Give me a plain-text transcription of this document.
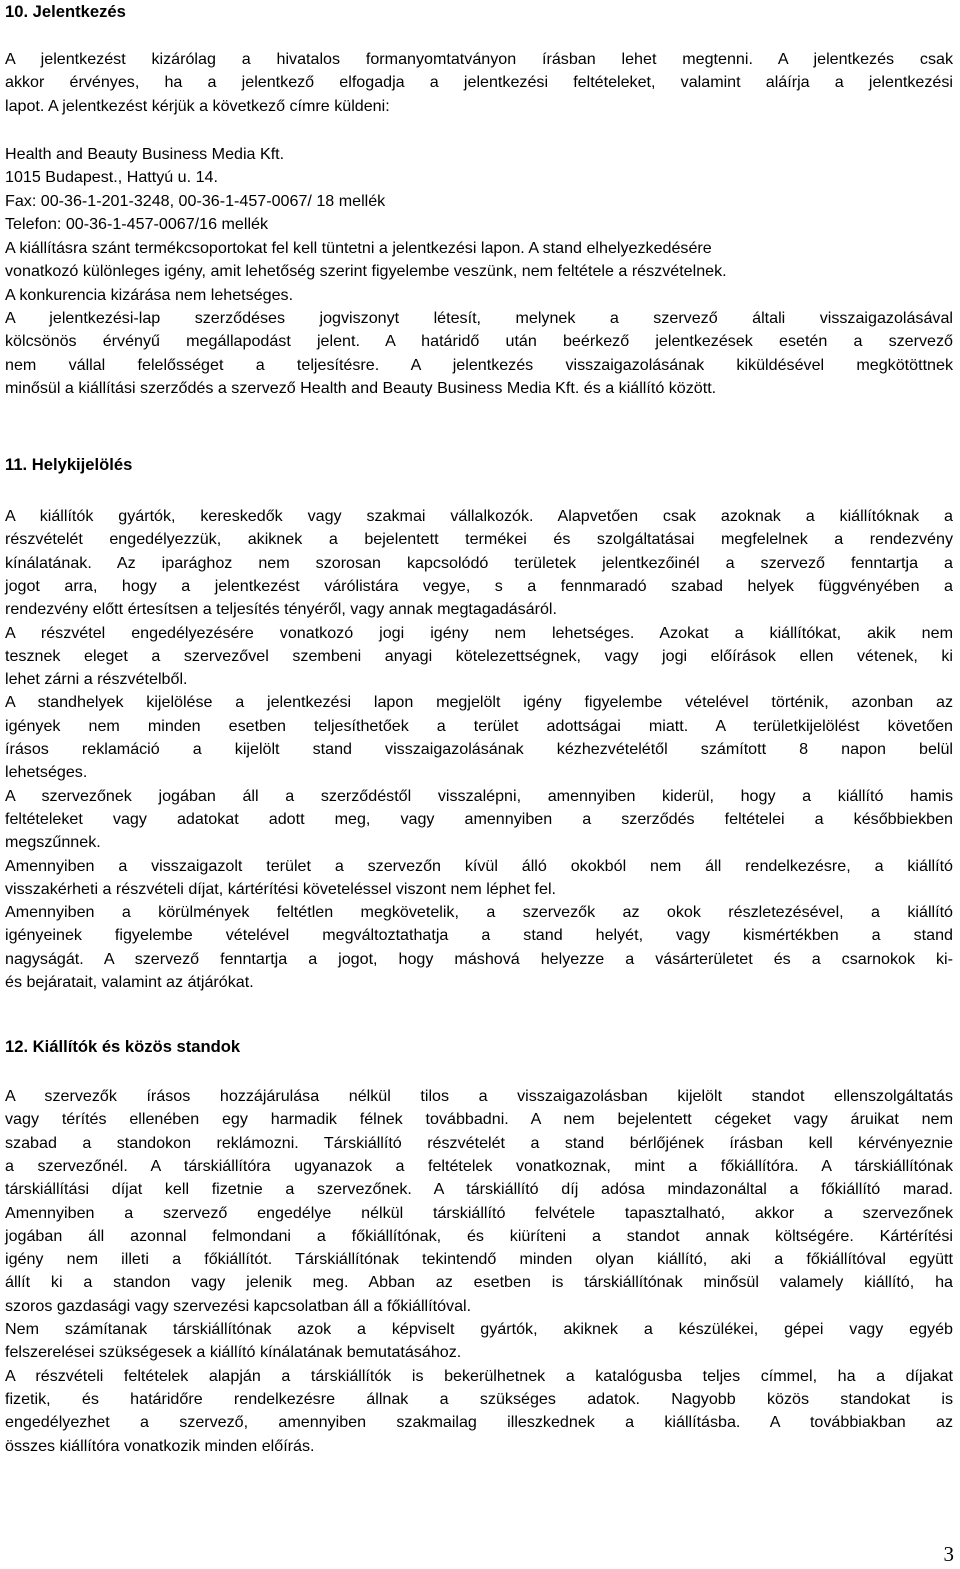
10. Jelentkezés
A jelentkezést kizárólag a hivatalos formanyomtatványon írásban lehet megtenni. A jelentkezés csak
akkor érvényes, ha a jelentkező elfogadja a jelentkezési feltételeket, valamint aláírja a jelentkezési
lapot. A jelentkezést kérjük a következő címre küldeni:
Health and Beauty Business Media Kft.
1015 Budapest., Hattyú u. 14.
Fax: 00-36-1-201-3248, 00-36-1-457-0067/ 18 mellék
Telefon: 00-36-1-457-0067/16 mellék
A kiállításra szánt termékcsoportokat fel kell tüntetni a jelentkezési lapon. A stand elhelyezkedésére
vonatkozó különleges igény, amit lehetőség szerint figyelembe veszünk, nem feltétele a részvételnek.
A konkurencia kizárása nem lehetséges.
A jelentkezési-lap szerződéses jogviszonyt létesít, melynek a szervező általi visszaigazolásával
kölcsönös érvényű megállapodást jelent. A határidő után beérkező jelentkezések esetén a szervező
nem vállal felelősséget a teljesítésre. A jelentkezés visszaigazolásának kiküldésével megkötöttnek
minősül a kiállítási szerződés a szervező Health and Beauty Business Media Kft. és a kiállító között.
11. Helykijelölés
A kiállítók gyártók, kereskedők vagy szakmai vállalkozók. Alapvetően csak azoknak a kiállítóknak a
részvételét engedélyezzük, akiknek a bejelentett termékei és szolgáltatásai megfelelnek a rendezvény
kínálatának. Az iparághoz nem szorosan kapcsolódó területek jelentkezőinél a szervező fenntartja a
jogot arra, hogy a jelentkezést várólistára vegye, s a fennmaradó szabad helyek függvényében a
rendezvény előtt értesítsen a teljesítés tényéről, vagy annak megtagadásáról.
A részvétel engedélyezésére vonatkozó jogi igény nem lehetséges. Azokat a kiállítókat, akik nem
tesznek eleget a szervezővel szembeni anyagi kötelezettségnek, vagy jogi előírások ellen vétenek, ki
lehet zárni a részvételből.
A standhelyek kijelölése a jelentkezési lapon megjelölt igény figyelembe vételével történik, azonban az
igények nem minden esetben teljesíthetőek a terület adottságai miatt. A területkijelölést követően
írásos reklamáció a kijelölt stand visszaigazolásának kézhezvételétől számított 8 napon belül
lehetséges.
A szervezőnek jogában áll a szerződéstől visszalépni, amennyiben kiderül, hogy a kiállító hamis
feltételeket vagy adatokat adott meg, vagy amennyiben a szerződés feltételei a későbbiekben
megszűnnek.
Amennyiben a visszaigazolt terület a szervezőn kívül álló okokból nem áll rendelkezésre, a kiállító
visszakérheti a részvételi díjat, kártérítési követeléssel viszont nem léphet fel.
Amennyiben a körülmények feltétlen megkövetelik, a szervezők az okok részletezésével, a kiállító
igényeinek figyelembe vételével megváltoztathatja a stand helyét, vagy kismértékben a stand
nagyságát. A szervező fenntartja a jogot, hogy máshová helyezze a vásárterületet és a csarnokok ki-
és bejáratait, valamint az átjárókat.
12. Kiállítók és közös standok
A szervezők írásos hozzájárulása nélkül tilos a visszaigazolásban kijelölt standot ellenszolgáltatás
vagy térítés ellenében egy harmadik félnek továbbadni. A nem bejelentett cégeket vagy áruikat nem
szabad a standokon reklámozni. Társkiállító részvételét a stand bérlőjének írásban kell kérvényeznie
a szervezőnél. A társkiállítóra ugyanazok a feltételek vonatkoznak, mint a főkiállítóra. A társkiállítónak
társkiállítási díjat kell fizetnie a szervezőnek. A társkiállító díj adósa mindazonáltal a főkiállító marad.
Amennyiben a szervező engedélye nélkül társkiállító felvétele tapasztalható, akkor a szervezőnek
jogában áll azonnal felmondani a főkiállítónak, és kiüríteni a standot annak költségére. Kártérítési
igény nem illeti a főkiállítót. Társkiállítónak tekintendő minden olyan kiállító, aki a főkiállítóval együtt
állít ki a standon vagy jelenik meg. Abban az esetben is társkiállítónak minősül valamely kiállító, ha
szoros gazdasági vagy szervezési kapcsolatban áll a főkiállítóval.
Nem számítanak társkiállítónak azok a képviselt gyártók, akiknek a készülékei, gépei vagy egyéb
felszerelései szükségesek a kiállító kínálatának bemutatásához.
A részvételi feltételek alapján a társkiállítók is bekerülhetnek a katalógusba teljes címmel, ha a díjakat
fizetik, és határidőre rendelkezésre állnak a szükséges adatok. Nagyobb közös standokat is
engedélyezhet a szervező, amennyiben szakmailag illeszkednek a kiállításba. A továbbiakban az
összes kiállítóra vonatkozik minden előírás.
3
